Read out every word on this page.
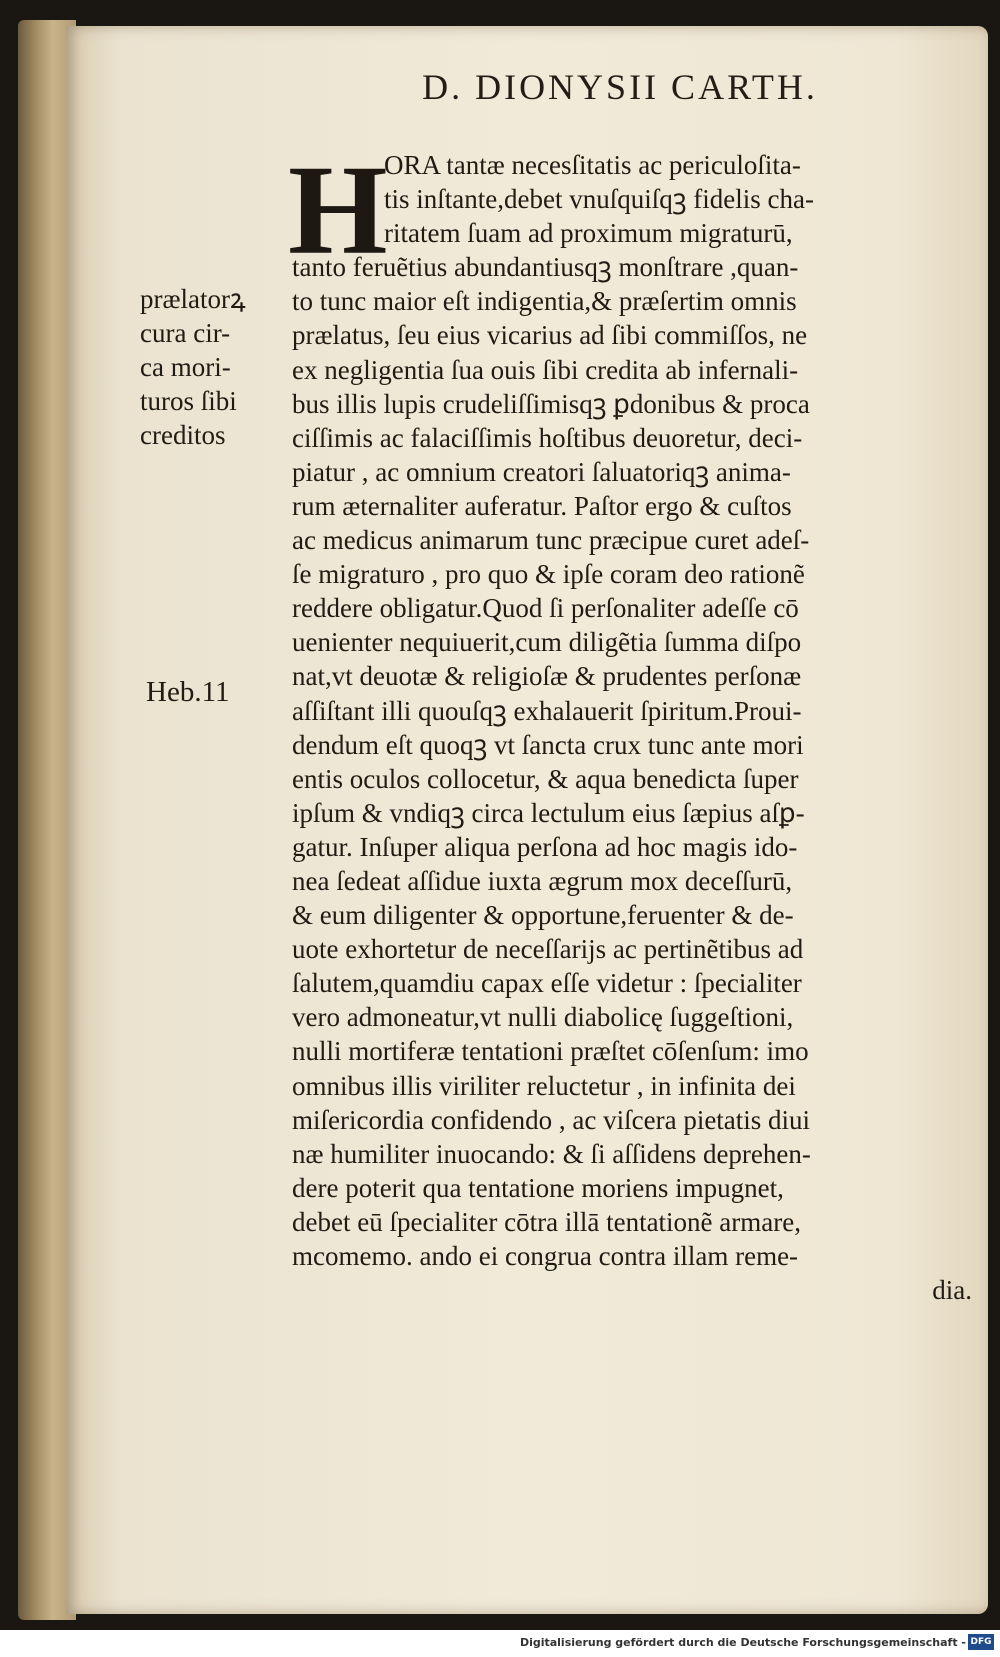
D. DIONYSII CARTH.
H
ORA tantæ necesſitatis ac periculoſita-
tis inſtante,debet vnuſquiſqꝫ fidelis cha-
ritatem ſuam ad proximum migraturū,
tanto feruẽtius abundantiusqꝫ monſtrare ,quan-
to tunc maior eſt indigentia,& præſertim omnis
prælatus, ſeu eius vicarius ad ſibi commiſſos, ne
ex negligentia ſua ouis ſibi credita ab infernali-
bus illis lupis crudeliſſimisqꝫ ꝑdonibus & proca
ciſſimis ac falaciſſimis hoſtibus deuoretur, deci-
piatur , ac omnium creatori ſaluatoriqꝫ anima-
rum æternaliter auferatur. Paſtor ergo & cuſtos
ac medicus animarum tunc præcipue curet adeſ-
ſe migraturo , pro quo & ipſe coram deo rationẽ
reddere obligatur.Quod ſi perſonaliter adeſſe cō
uenienter nequiuerit,cum diligẽtia ſumma diſpo
nat,vt deuotæ & religioſæ & prudentes perſonæ
aſſiſtant illi quouſqꝫ exhalauerit ſpiritum.Proui-
dendum eſt quoqꝫ vt ſancta crux tunc ante mori
entis oculos collocetur, & aqua benedicta ſuper
ipſum & vndiqꝫ circa lectulum eius ſæpius aſꝑ-
gatur. Inſuper aliqua perſona ad hoc magis ido-
nea ſedeat aſſidue iuxta ægrum mox deceſſurū,
& eum diligenter & opportune,feruenter & de-
uote exhortetur de neceſſarijs ac pertinẽtibus ad
ſalutem,quamdiu capax eſſe videtur : ſpecialiter
vero admoneatur,vt nulli diabolicę ſuggeſtioni,
nulli mortiferæ tentationi præſtet cōſenſum: imo
omnibus illis viriliter reluctetur , in infinita dei
miſericordia confidendo , ac viſcera pietatis diui
næ humiliter inuocando: & ſi aſſidens deprehen-
dere poterit qua tentatione moriens impugnet,
debet eū ſpecialiter cōtra illā tentationẽ armare,
mcomemo. ando ei congrua contra illam reme-
dia.
prælatorꝝ
cura cir-
ca mori-
turos ſibi
creditos
Heb.11
Digitalisierung gefördert durch die Deutsche Forschungsgemeinschaft - DFG
